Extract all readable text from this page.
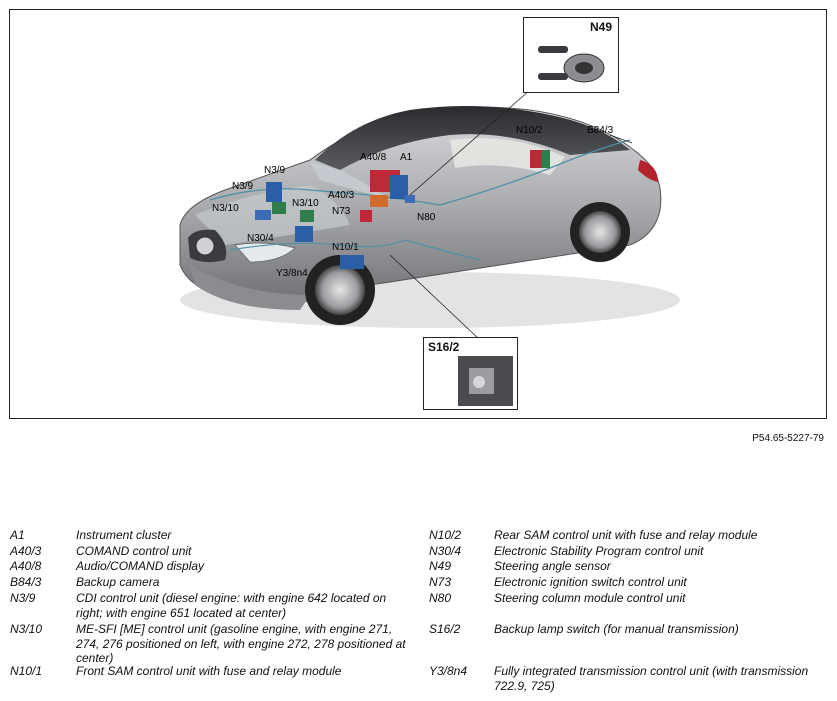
N49
S16/2
N10/2	B84/3
A40/8 A1
N3/9
N3/9
N3/10	N3/10
A40/3
N73
N80
N30/4
N10/1
Y3/8n4
P54.65-5227-79
A1	Instrument cluster
A40/3	COMAND control unit
A40/8	Audio/COMAND display
B84/3	Backup camera
N3/9	CDI control unit (diesel engine: with engine 642 located on right; with engine 651 located at center)
N3/10	ME-SFI [ME] control unit (gasoline engine, with engine 271, 274, 276 positioned on left, with engine 272, 278 positioned at center)
N10/1	Front SAM control unit with fuse and relay module
N10/2	Rear SAM control unit with fuse and relay module
N30/4	Electronic Stability Program control unit
N49	Steering angle sensor
N73	Electronic ignition switch control unit
N80	Steering column module control unit
S16/2	Backup lamp switch (for manual transmission)
Y3/8n4 Fully integrated transmission control unit (with transmission 722.9, 725)
